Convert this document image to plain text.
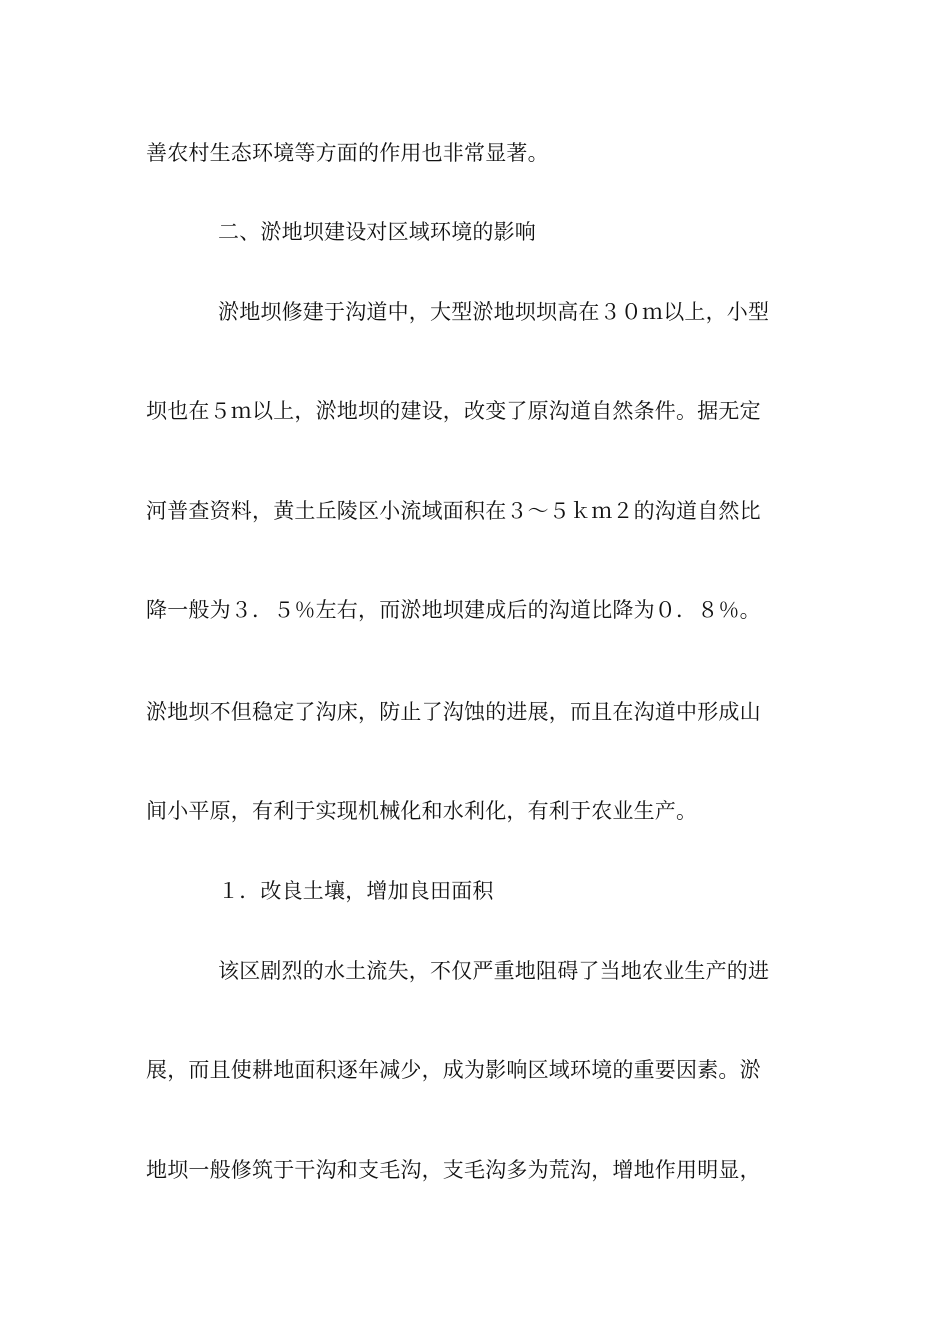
善农村生态环境等方面的作用也非常显著。
二、淤地坝建设对区域环境的影响
淤地坝修建于沟道中，大型淤地坝坝高在３０ｍ以上，小型
坝也在５ｍ以上，淤地坝的建设，改变了原沟道自然条件。据无定
河普查资料，黄土丘陵区小流域面积在３～５ｋｍ２的沟道自然比
降一般为３．５％左右，而淤地坝建成后的沟道比降为０．８％。
淤地坝不但稳定了沟床，防止了沟蚀的进展，而且在沟道中形成山
间小平原，有利于实现机械化和水利化，有利于农业生产。
１．改良土壤，增加良田面积
该区剧烈的水土流失，不仅严重地阻碍了当地农业生产的进
展，而且使耕地面积逐年减少，成为影响区域环境的重要因素。淤
地坝一般修筑于干沟和支毛沟，支毛沟多为荒沟，增地作用明显，
